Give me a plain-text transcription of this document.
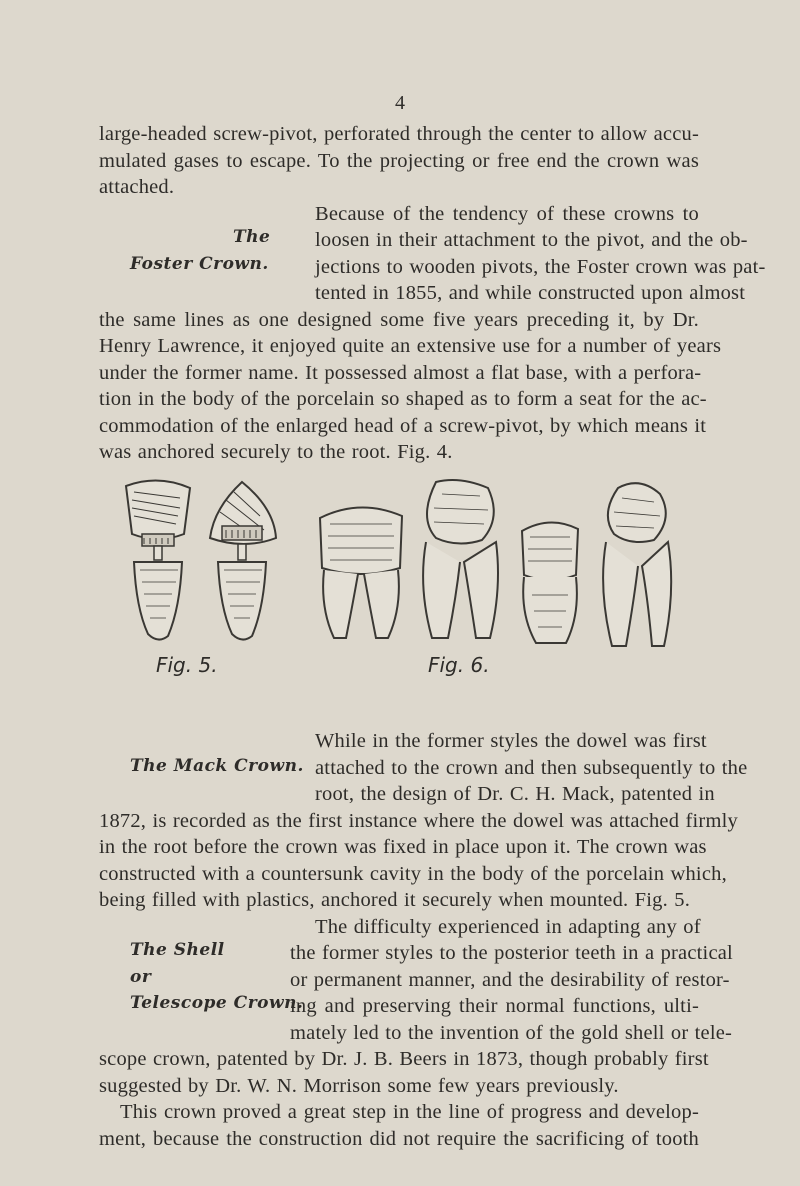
4
large-headed screw-pivot, perforated through the center to allow accu-
mulated gases to escape. To the projecting or free end the crown was
attached.
The
Foster Crown.
Because of the tendency of these crowns to
loosen in their attachment to the pivot, and the ob-
jections to wooden pivots, the Foster crown was pat-
tented in 1855, and while constructed upon almost
the same lines as one designed some five years preceding it, by Dr.
Henry Lawrence, it enjoyed quite an extensive use for a number of years
under the former name. It possessed almost a flat base, with a perfora-
tion in the body of the porcelain so shaped as to form a seat for the ac-
commodation of the enlarged head of a screw-pivot, by which means it
was anchored securely to the root. Fig. 4.
Fig. 5.	Fig. 6.
The Mack Crown.
While in the former styles the dowel was first
attached to the crown and then subsequently to the
root, the design of Dr. C. H. Mack, patented in
1872, is recorded as the first instance where the dowel was attached firmly
in the root before the crown was fixed in place upon it. The crown was
constructed with a countersunk cavity in the body of the porcelain which,
being filled with plastics, anchored it securely when mounted. Fig. 5.
The Shell
or
Telescope Crown.
The difficulty experienced in adapting any of
the former styles to the posterior teeth in a practical
or permanent manner, and the desirability of restor-
ing and preserving their normal functions, ulti-
mately led to the invention of the gold shell or tele-
scope crown, patented by Dr. J. B. Beers in 1873, though probably first
suggested by Dr. W. N. Morrison some few years previously.
This crown proved a great step in the line of progress and develop-
ment, because the construction did not require the sacrificing of tooth
